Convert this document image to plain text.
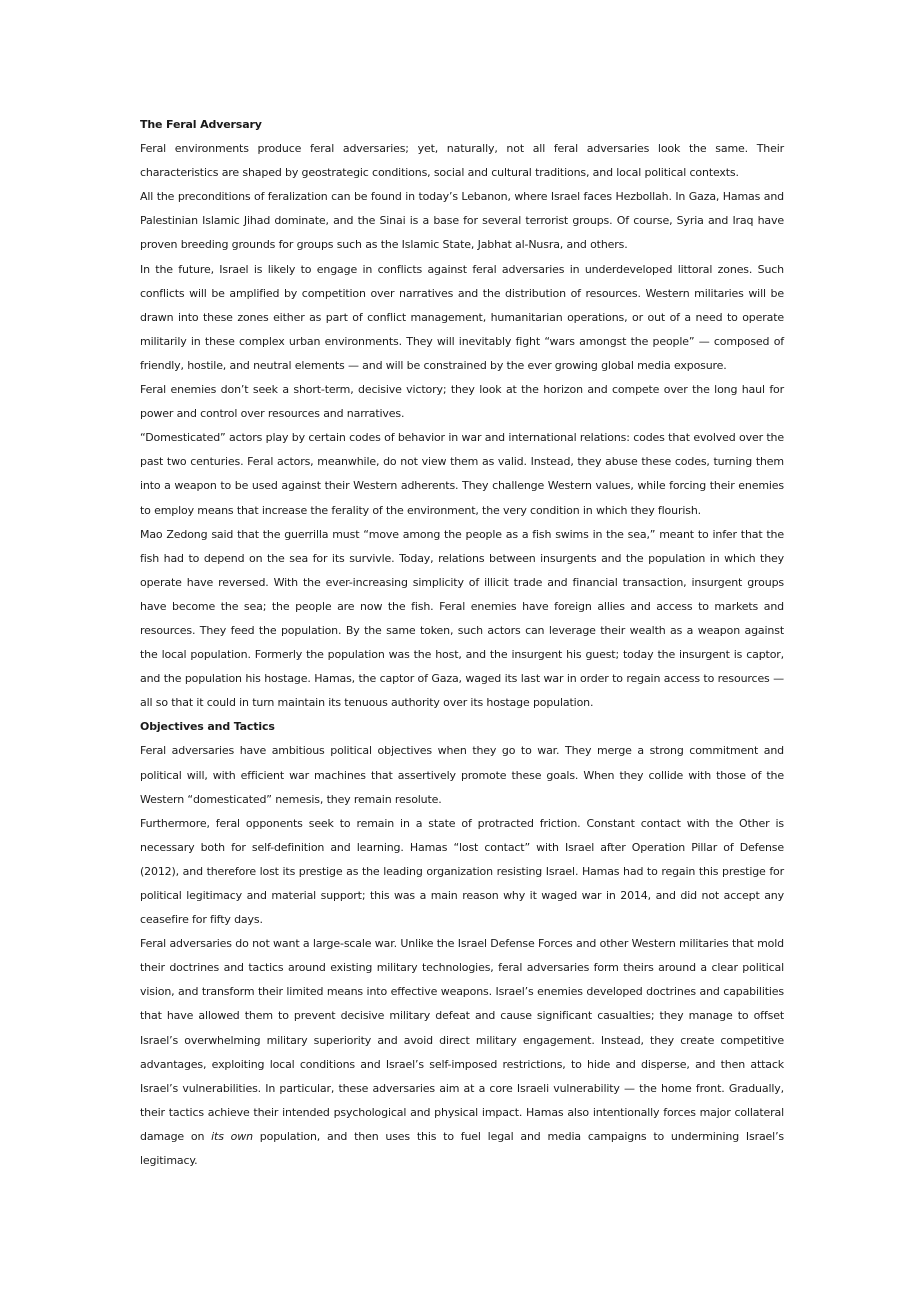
The Feral Adversary

Feral environments produce feral adversaries; yet, naturally, not all feral adversaries look the same. Their characteristics are shaped by geostrategic conditions, social and cultural traditions, and local political contexts.

All the preconditions of feralization can be found in today’s Lebanon, where Israel faces Hezbollah. In Gaza, Hamas and Palestinian Islamic Jihad dominate, and the Sinai is a base for several terrorist groups. Of course, Syria and Iraq have proven breeding grounds for groups such as the Islamic State, Jabhat al-Nusra, and others.

In the future, Israel is likely to engage in conflicts against feral adversaries in underdeveloped littoral zones. Such conflicts will be amplified by competition over narratives and the distribution of resources. Western militaries will be drawn into these zones either as part of conflict management, humanitarian operations, or out of a need to operate militarily in these complex urban environments. They will inevitably fight “wars amongst the people” — composed of friendly, hostile, and neutral elements — and will be constrained by the ever growing global media exposure.

Feral enemies don’t seek a short-term, decisive victory; they look at the horizon and compete over the long haul for power and control over resources and narratives.

“Domesticated” actors play by certain codes of behavior in war and international relations: codes that evolved over the past two centuries. Feral actors, meanwhile, do not view them as valid. Instead, they abuse these codes, turning them into a weapon to be used against their Western adherents. They challenge Western values, while forcing their enemies to employ means that increase the ferality of the environment, the very condition in which they flourish.

Mao Zedong said that the guerrilla must “move among the people as a fish swims in the sea,” meant to infer that the fish had to depend on the sea for its survivle. Today, relations between insurgents and the population in which they operate have reversed. With the ever-increasing simplicity of illicit trade and financial transaction, insurgent groups have become the sea; the people are now the fish. Feral enemies have foreign allies and access to markets and resources. They feed the population. By the same token, such actors can leverage their wealth as a weapon against the local population. Formerly the population was the host, and the insurgent his guest; today the insurgent is captor, and the population his hostage. Hamas, the captor of Gaza, waged its last war in order to regain access to resources — all so that it could in turn maintain its tenuous authority over its hostage population.

Objectives and Tactics

Feral adversaries have ambitious political objectives when they go to war. They merge a strong commitment and political will, with efficient war machines that assertively promote these goals. When they collide with those of the Western “domesticated” nemesis, they remain resolute.

Furthermore, feral opponents seek to remain in a state of protracted friction. Constant contact with the Other is necessary both for self-definition and learning. Hamas “lost contact” with Israel after Operation Pillar of Defense (2012), and therefore lost its prestige as the leading organization resisting Israel. Hamas had to regain this prestige for political legitimacy and material support; this was a main reason why it waged war in 2014, and did not accept any ceasefire for fifty days.

Feral adversaries do not want a large-scale war. Unlike the Israel Defense Forces and other Western militaries that mold their doctrines and tactics around existing military technologies, feral adversaries form theirs around a clear political vision, and transform their limited means into effective weapons. Israel’s enemies developed doctrines and capabilities that have allowed them to prevent decisive military defeat and cause significant casualties; they manage to offset Israel’s overwhelming military superiority and avoid direct military engagement. Instead, they create competitive advantages, exploiting local conditions and Israel’s self-imposed restrictions, to hide and disperse, and then attack Israel’s vulnerabilities. In particular, these adversaries aim at a core Israeli vulnerability — the home front. Gradually, their tactics achieve their intended psychological and physical impact. Hamas also intentionally forces major collateral damage on its own population, and then uses this to fuel legal and media campaigns to undermining Israel’s legitimacy.
